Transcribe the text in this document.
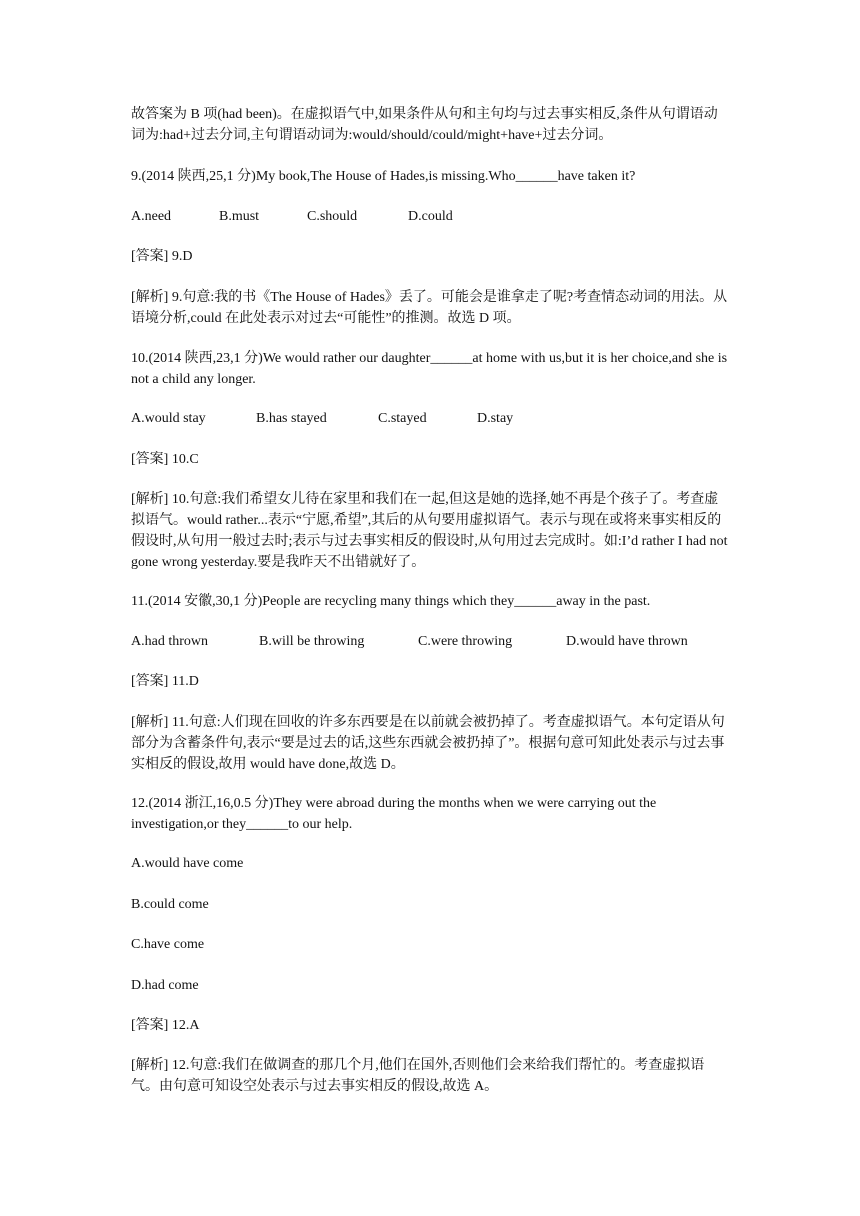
故答案为 B 项(had been)。在虚拟语气中,如果条件从句和主句均与过去事实相反,条件从句谓语动词为:had+过去分词,主句谓语动词为:would/should/could/might+have+过去分词。

9.(2014 陕西,25,1 分)My book,The House of Hades,is missing.Who______have taken it?

A.need	B.must	C.should	D.could

[答案] 9.D

[解析] 9.句意:我的书《The House of Hades》丢了。可能会是谁拿走了呢?考查情态动词的用法。从语境分析,could 在此处表示对过去“可能性”的推测。故选 D 项。

10.(2014 陕西,23,1 分)We would rather our daughter______at home with us,but it is her choice,and she is not a child any longer.

A.would stay	B.has stayed	C.stayed	D.stay

[答案] 10.C

[解析] 10.句意:我们希望女儿待在家里和我们在一起,但这是她的选择,她不再是个孩子了。考查虚拟语气。would rather...表示“宁愿,希望”,其后的从句要用虚拟语气。表示与现在或将来事实相反的假设时,从句用一般过去时;表示与过去事实相反的假设时,从句用过去完成时。如:I’d rather I had not gone wrong yesterday.要是我昨天不出错就好了。

11.(2014 安徽,30,1 分)People are recycling many things which they______away in the past.

A.had thrown	B.will be throwing	C.were throwing	D.would have thrown

[答案] 11.D

[解析] 11.句意:人们现在回收的许多东西要是在以前就会被扔掉了。考查虚拟语气。本句定语从句部分为含蓄条件句,表示“要是过去的话,这些东西就会被扔掉了”。根据句意可知此处表示与过去事实相反的假设,故用 would have done,故选 D。

12.(2014 浙江,16,0.5 分)They were abroad during the months when we were carrying out the investigation,or they______to our help.

A.would have come

B.could come

C.have come

D.had come

[答案] 12.A

[解析] 12.句意:我们在做调查的那几个月,他们在国外,否则他们会来给我们帮忙的。考查虚拟语气。由句意可知设空处表示与过去事实相反的假设,故选 A。
